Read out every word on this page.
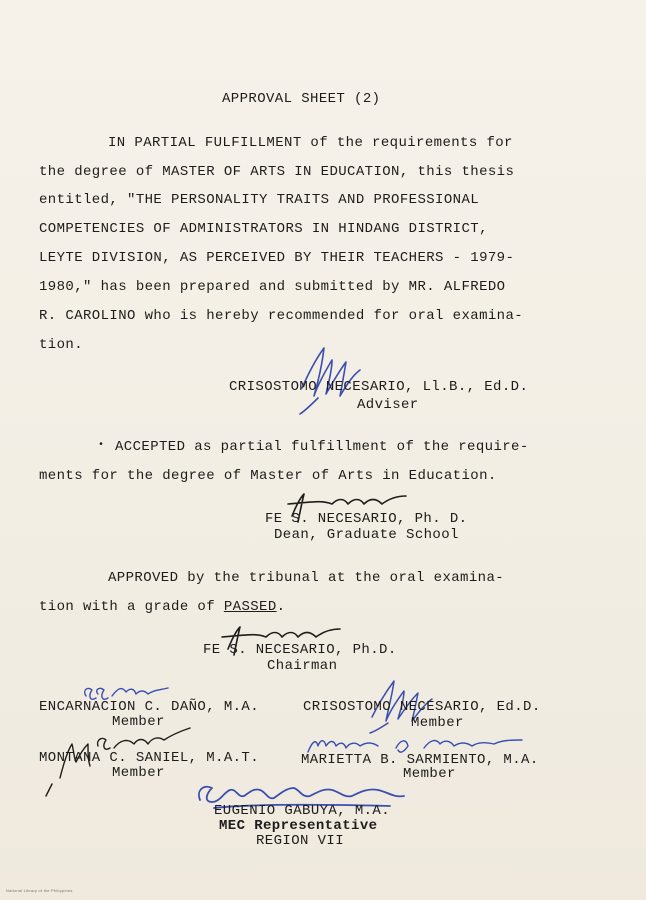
APPROVAL SHEET (2)

IN PARTIAL FULFILLMENT of the requirements for

the degree of MASTER OF ARTS IN EDUCATION, this thesis

entitled, "THE PERSONALITY TRAITS AND PROFESSIONAL

COMPETENCIES OF ADMINISTRATORS IN HINDANG DISTRICT,

LEYTE DIVISION, AS PERCEIVED BY THEIR TEACHERS - 1979-

1980," has been prepared and submitted by MR. ALFREDO

R. CAROLINO who is hereby recommended for oral examina-

tion.

CRISOSTOMO NECESARIO, Ll.B., Ed.D.

Adviser

ACCEPTED as partial fulfillment of the require-

•

ments for the degree of Master of Arts in Education.

FE S. NECESARIO, Ph. D.

Dean, Graduate School

APPROVED by the tribunal at the oral examina-

tion with a grade of PASSED.

FE S. NECESARIO, Ph.D.

Chairman

ENCARNACION C. DAÑO, M.A.

Member

CRISOSTOMO NECESARIO, Ed.D.

Member

MONTANA C. SANIEL, M.A.T.

Member

MARIETTA B. SARMIENTO, M.A.

Member

EUGENIO GABUYA, M.A.

MEC Representative

REGION VII

National Library of the Philippines
